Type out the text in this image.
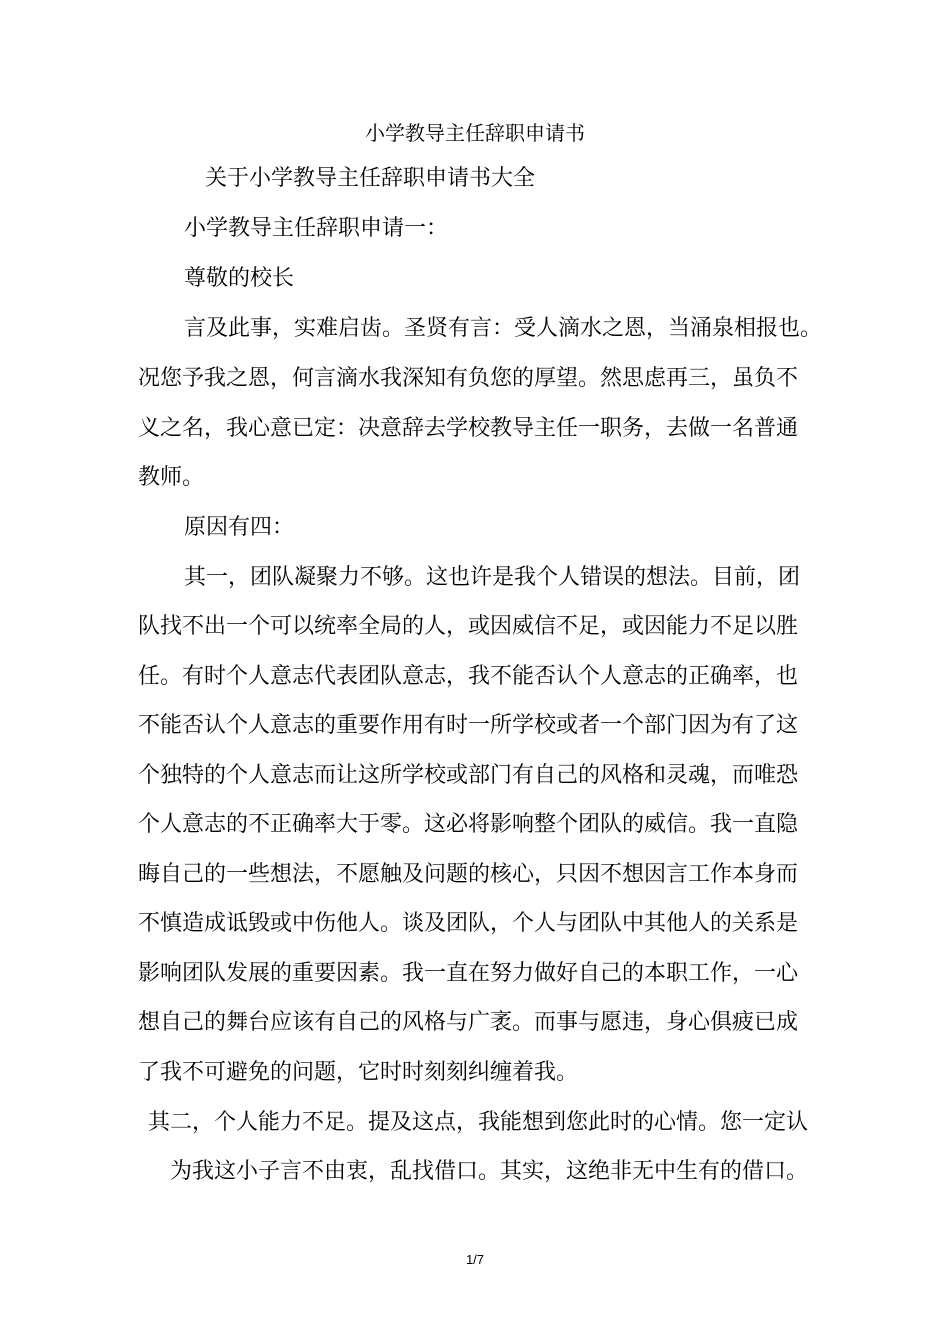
小学教导主任辞职申请书
关于小学教导主任辞职申请书大全
小学教导主任辞职申请一：
尊敬的校长
言及此事，实难启齿。圣贤有言：受人滴水之恩，当涌泉相报也。
况您予我之恩，何言滴水我深知有负您的厚望。然思虑再三，虽负不
义之名，我心意已定：决意辞去学校教导主任一职务，去做一名普通
教师。
原因有四：
其一，团队凝聚力不够。这也许是我个人错误的想法。目前，团
队找不出一个可以统率全局的人，或因威信不足，或因能力不足以胜
任。有时个人意志代表团队意志，我不能否认个人意志的正确率，也
不能否认个人意志的重要作用有时一所学校或者一个部门因为有了这
个独特的个人意志而让这所学校或部门有自己的风格和灵魂，而唯恐
个人意志的不正确率大于零。这必将影响整个团队的威信。我一直隐
晦自己的一些想法，不愿触及问题的核心，只因不想因言工作本身而
不慎造成诋毁或中伤他人。谈及团队，个人与团队中其他人的关系是
影响团队发展的重要因素。我一直在努力做好自己的本职工作，一心
想自己的舞台应该有自己的风格与广袤。而事与愿违，身心俱疲已成
了我不可避免的问题，它时时刻刻纠缠着我。
其二，个人能力不足。提及这点，我能想到您此时的心情。您一定认
为我这小子言不由衷，乱找借口。其实，这绝非无中生有的借口。
1/7
